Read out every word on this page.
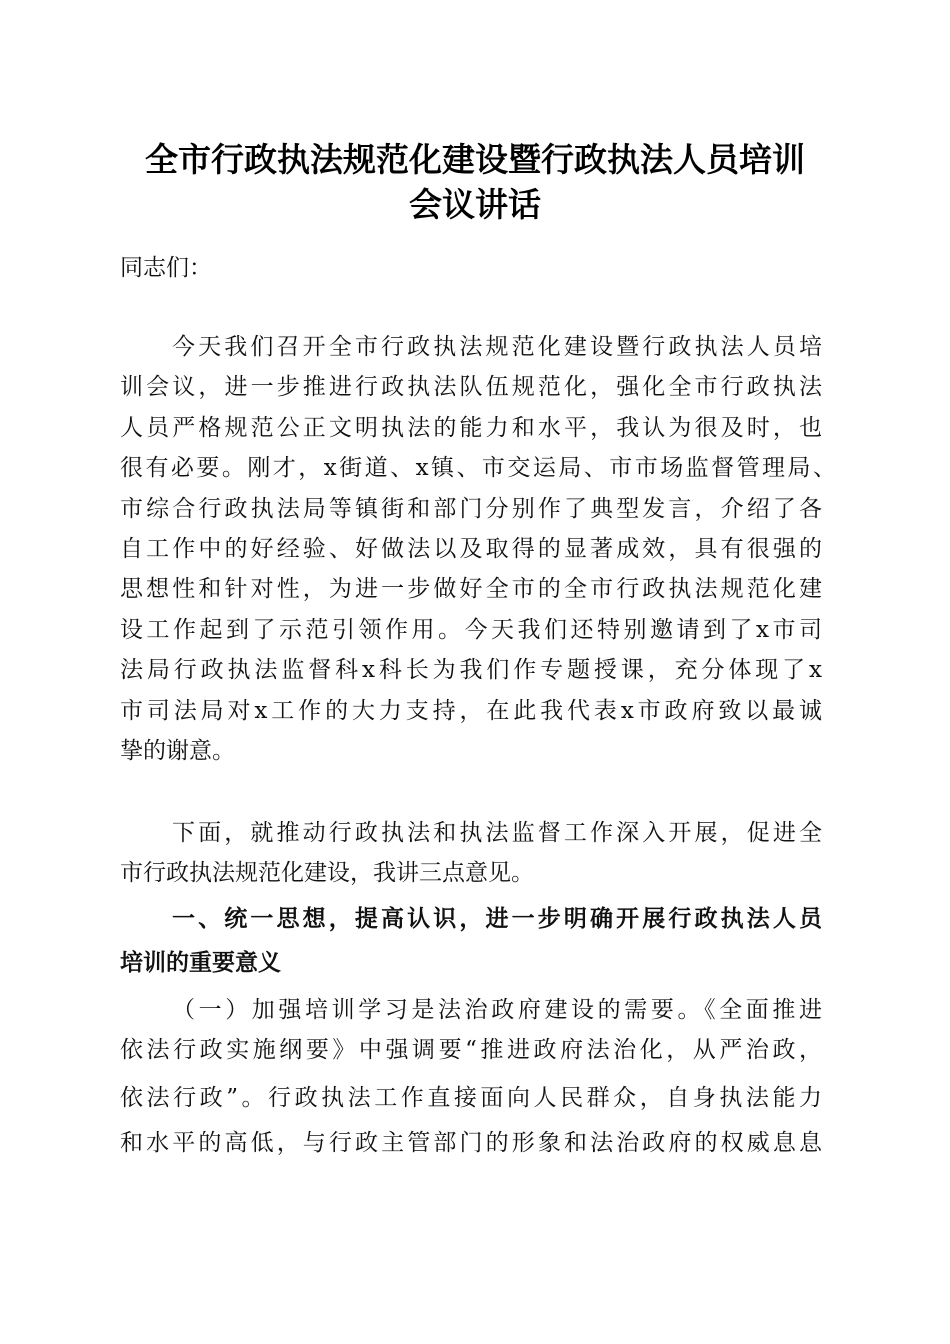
全市行政执法规范化建设暨行政执法人员培训
会议讲话
同志们：
今天我们召开全市行政执法规范化建设暨行政执法人员培
训会议，进一步推进行政执法队伍规范化，强化全市行政执法
人员严格规范公正文明执法的能力和水平，我认为很及时，也
很有必要。刚才，x街道、x镇、市交运局、市市场监督管理局、
市综合行政执法局等镇街和部门分别作了典型发言，介绍了各
自工作中的好经验、好做法以及取得的显著成效，具有很强的
思想性和针对性，为进一步做好全市的全市行政执法规范化建
设工作起到了示范引领作用。今天我们还特别邀请到了x市司
法局行政执法监督科x科长为我们作专题授课，充分体现了x
市司法局对x工作的大力支持，在此我代表x市政府致以最诚
挚的谢意。
下面，就推动行政执法和执法监督工作深入开展，促进全
市行政执法规范化建设，我讲三点意见。
一、统一思想，提高认识，进一步明确开展行政执法人员
培训的重要意义
（一）加强培训学习是法治政府建设的需要。《全面推进
依法行政实施纲要》中强调要“推进政府法治化，从严治政，
依法行政”。行政执法工作直接面向人民群众，自身执法能力
和水平的高低，与行政主管部门的形象和法治政府的权威息息
